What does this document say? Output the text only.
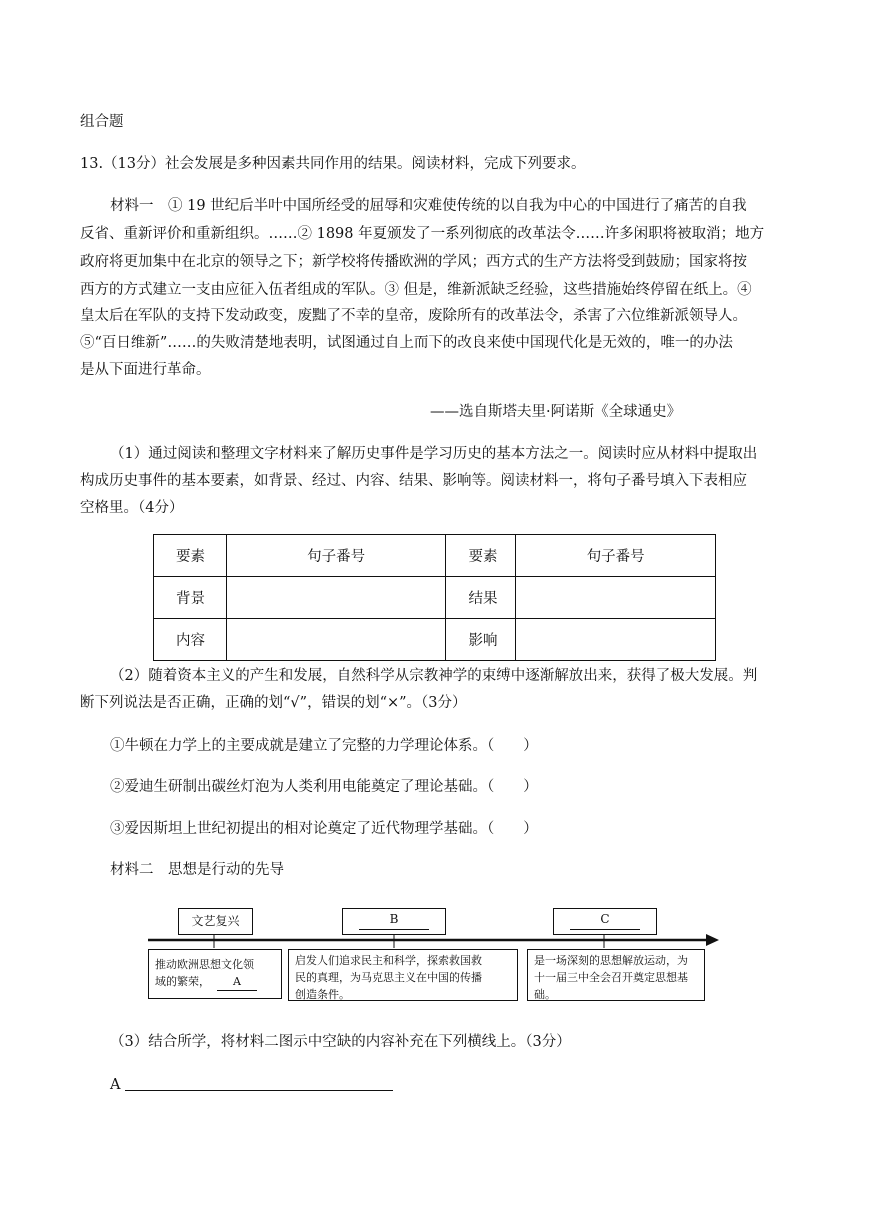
组合题
13.（13分）社会发展是多种因素共同作用的结果。阅读材料，完成下列要求。
材料一　① 19 世纪后半叶中国所经受的屈辱和灾难使传统的以自我为中心的中国进行了痛苦的自我
反省、重新评价和重新组织。……② 1898 年夏颁发了一系列彻底的改革法令……许多闲职将被取消；地方
政府将更加集中在北京的领导之下；新学校将传播欧洲的学风；西方式的生产方法将受到鼓励；国家将按
西方的方式建立一支由应征入伍者组成的军队。③ 但是，维新派缺乏经验，这些措施始终停留在纸上。④
皇太后在军队的支持下发动政变，废黜了不幸的皇帝，废除所有的改革法令，杀害了六位维新派领导人。
⑤“百日维新”……的失败清楚地表明，试图通过自上而下的改良来使中国现代化是无效的，唯一的办法
是从下面进行革命。
——选自斯塔夫里·阿诺斯《全球通史》
（1）通过阅读和整理文字材料来了解历史事件是学习历史的基本方法之一。阅读时应从材料中提取出
构成历史事件的基本要素，如背景、经过、内容、结果、影响等。阅读材料一，将句子番号填入下表相应
空格里。（4分）
要素	句子番号	要素	句子番号
背景		结果	
内容		影响	
（2）随着资本主义的产生和发展，自然科学从宗教神学的束缚中逐渐解放出来，获得了极大发展。判
断下列说法是否正确，正确的划“√”，错误的划“×”。（3分）
①牛顿在力学上的主要成就是建立了完整的力学理论体系。（　　）
②爱迪生研制出碳丝灯泡为人类利用电能奠定了理论基础。（　　）
③爱因斯坦上世纪初提出的相对论奠定了近代物理学基础。（　　）
材料二　思想是行动的先导
文艺复兴	B	C
推动欧洲思想文化领
域的繁荣， A
启发人们追求民主和科学，探索救国救
民的真理，为马克思主义在中国的传播
创造条件。
是一场深刻的思想解放运动，为
十一届三中全会召开奠定思想基
础。
（3）结合所学，将材料二图示中空缺的内容补充在下列横线上。（3分）
A
